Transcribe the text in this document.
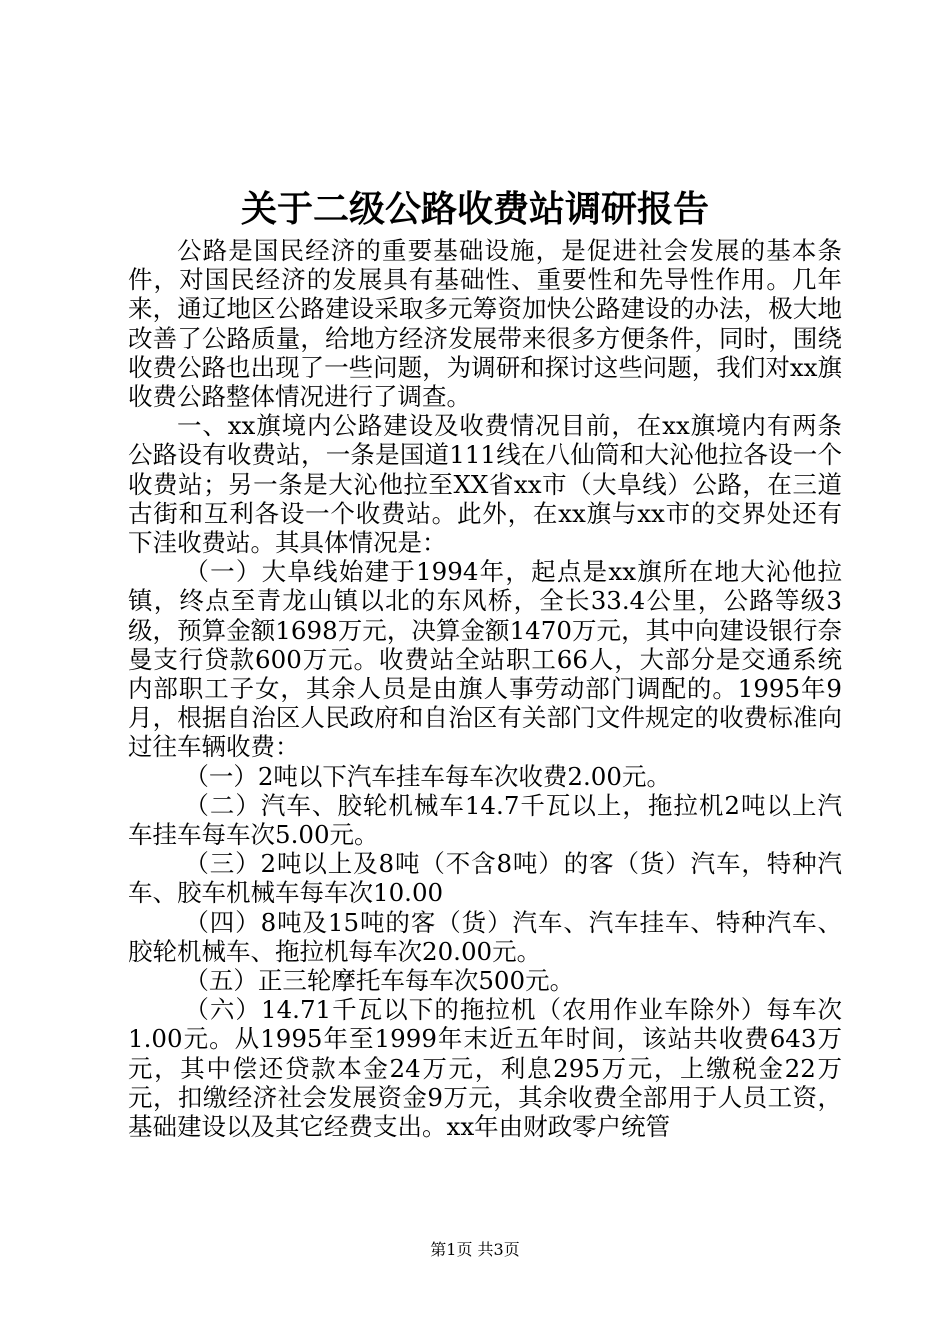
关于二级公路收费站调研报告

公路是国民经济的重要基础设施，是促进社会发展的基本条件，对国民经济的发展具有基础性、重要性和先导性作用。几年来，通辽地区公路建设采取多元筹资加快公路建设的办法，极大地改善了公路质量，给地方经济发展带来很多方便条件，同时，围绕收费公路也出现了一些问题，为调研和探讨这些问题，我们对xx旗收费公路整体情况进行了调查。

一、xx旗境内公路建设及收费情况目前，在xx旗境内有两条公路设有收费站，一条是国道111线在八仙筒和大沁他拉各设一个收费站；另一条是大沁他拉至XX省xx市（大阜线）公路，在三道古街和互利各设一个收费站。此外，在xx旗与xx市的交界处还有下洼收费站。其具体情况是：

（一）大阜线始建于1994年，起点是xx旗所在地大沁他拉镇，终点至青龙山镇以北的东风桥，全长33.4公里，公路等级3级，预算金额1698万元，决算金额1470万元，其中向建设银行奈曼支行贷款600万元。收费站全站职工66人，大部分是交通系统内部职工子女，其余人员是由旗人事劳动部门调配的。1995年9月，根据自治区人民政府和自治区有关部门文件规定的收费标准向过往车辆收费：

（一）2吨以下汽车挂车每车次收费2.00元。

（二）汽车、胶轮机械车14.7千瓦以上，拖拉机2吨以上汽车挂车每车次5.00元。

（三）2吨以上及8吨（不含8吨）的客（货）汽车，特种汽车、胶车机械车每车次10.00

（四）8吨及15吨的客（货）汽车、汽车挂车、特种汽车、胶轮机械车、拖拉机每车次20.00元。

（五）正三轮摩托车每车次500元。

（六）14.71千瓦以下的拖拉机（农用作业车除外）每车次1.00元。从1995年至1999年末近五年时间，该站共收费643万元，其中偿还贷款本金24万元，利息295万元，上缴税金22万元，扣缴经济社会发展资金9万元，其余收费全部用于人员工资，基础建设以及其它经费支出。xx年由财政零户统管

第1页 共3页
